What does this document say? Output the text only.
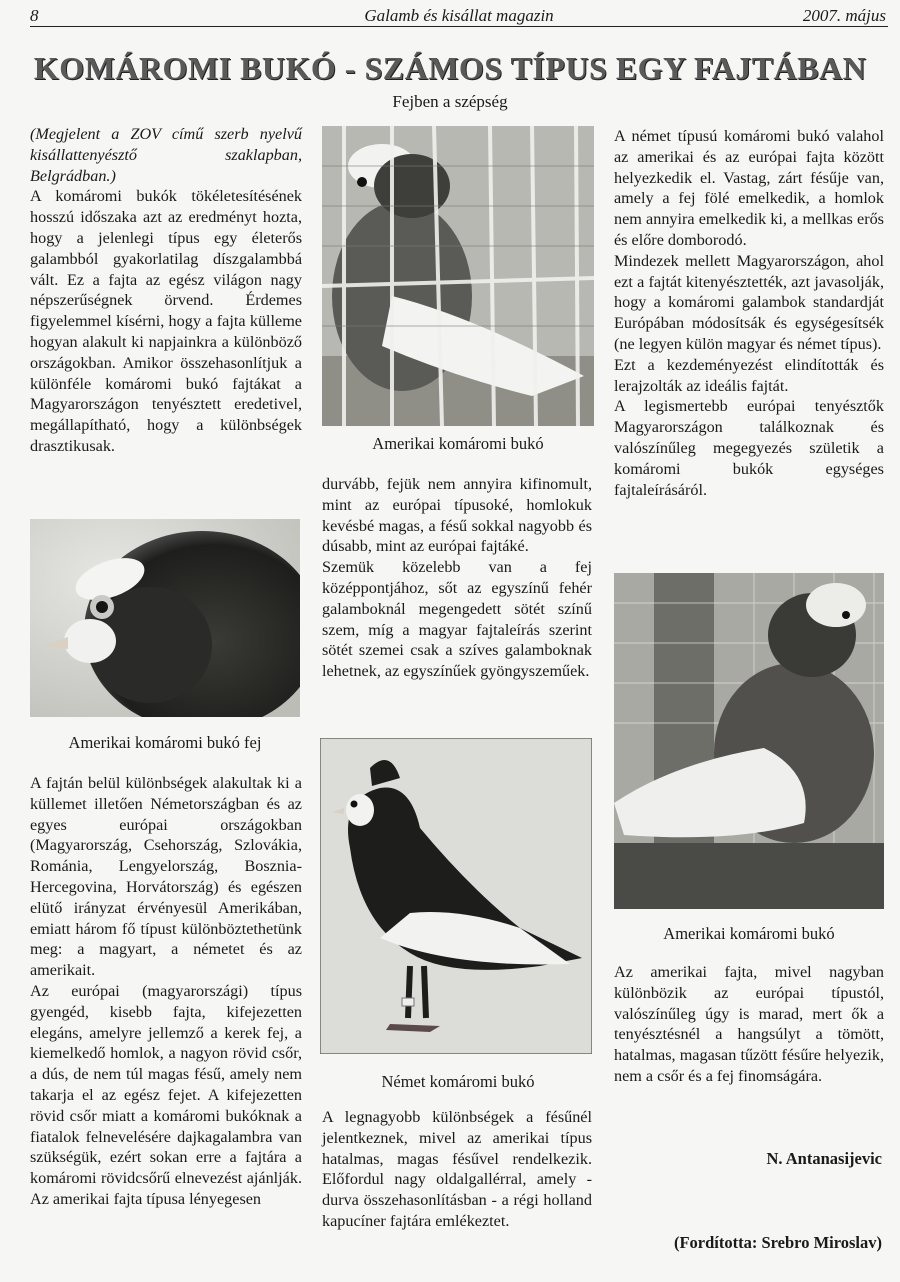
8	Galamb és kisállat magazin	2007. május
KOMÁROMI BUKÓ - SZÁMOS TÍPUS EGY FAJTÁBAN
Fejben a szépség

(Megjelent a ZOV című szerb nyelvű kisállattenyésztő szaklapban, Belgrádban.)

A komáromi bukók tökéletesítésének hosszú időszaka azt az eredményt hozta, hogy a jelenlegi típus egy életerős galambból gyakorlatilag díszgalambbá vált. Ez a fajta az egész világon nagy népszerűségnek örvend. Érdemes figyelemmel kísérni, hogy a fajta külleme hogyan alakult ki napjainkra a különböző országokban. Amikor összehasonlítjuk a különféle komáromi bukó fajtákat a Magyarországon tenyésztett eredetivel, megállapítható, hogy a különbségek drasztikusak.

Amerikai komáromi bukó fej

A fajtán belül különbségek alakultak ki a küllemet illetően Németországban és az egyes európai országokban (Magyarország, Csehország, Szlovákia, Románia, Lengyelország, Bosznia-Hercegovina, Horvátország) és egészen elütő irányzat érvényesül Amerikában, emiatt három fő típust különböztethetünk meg: a magyart, a németet és az amerikait.

Az európai (magyarországi) típus gyengéd, kisebb fajta, kifejezetten elegáns, amelyre jellemző a kerek fej, a kiemelkedő homlok, a nagyon rövid csőr, a dús, de nem túl magas fésű, amely nem takarja el az egész fejet. A kifejezetten rövid csőr miatt a komáromi bukóknak a fiatalok felnevelésére dajkagalambra van szükségük, ezért sokan erre a fajtára a komáromi rövidcsőrű elnevezést ajánlják. Az amerikai fajta típusa lényegesen

Amerikai komáromi bukó

durvább, fejük nem annyira kifinomult, mint az európai típusoké, homlokuk kevésbé magas, a fésű sokkal nagyobb és dúsabb, mint az európai fajtáké.

Szemük közelebb van a fej középpontjához, sőt az egyszínű fehér galamboknál megengedett sötét színű szem, míg a magyar fajtaleírás szerint sötét szemei csak a szíves galamboknak lehetnek, az egyszínűek gyöngyszeműek.

Német komáromi bukó

A legnagyobb különbségek a fésűnél jelentkeznek, mivel az amerikai típus hatalmas, magas fésűvel rendelkezik. Előfordul nagy oldalgallérral, amely - durva összehasonlításban - a régi holland kapucíner fajtára emlékeztet.

A német típusú komáromi bukó valahol az amerikai és az európai fajta között helyezkedik el. Vastag, zárt fésűje van, amely a fej fölé emelkedik, a homlok nem annyira emelkedik ki, a mellkas erős és előre domborodó.

Mindezek mellett Magyarországon, ahol ezt a fajtát kitenyésztették, azt javasolják, hogy a komáromi galambok standardját Európában módosítsák és egységesítsék (ne legyen külön magyar és német típus).

Ezt a kezdeményezést elindították és lerajzolták az ideális fajtát.

A legismertebb európai tenyésztők Magyarországon találkoznak és valószínűleg megegyezés születik a komáromi bukók egységes fajtaleírásáról.

Amerikai komáromi bukó

Az amerikai fajta, mivel nagyban különbözik az európai típustól, valószínűleg úgy is marad, mert ők a tenyésztésnél a hangsúlyt a tömött, hatalmas, magasan tűzött fésűre helyezik, nem a csőr és a fej finomságára.

N. Antanasijevic
(Fordította: Srebro Miroslav)
